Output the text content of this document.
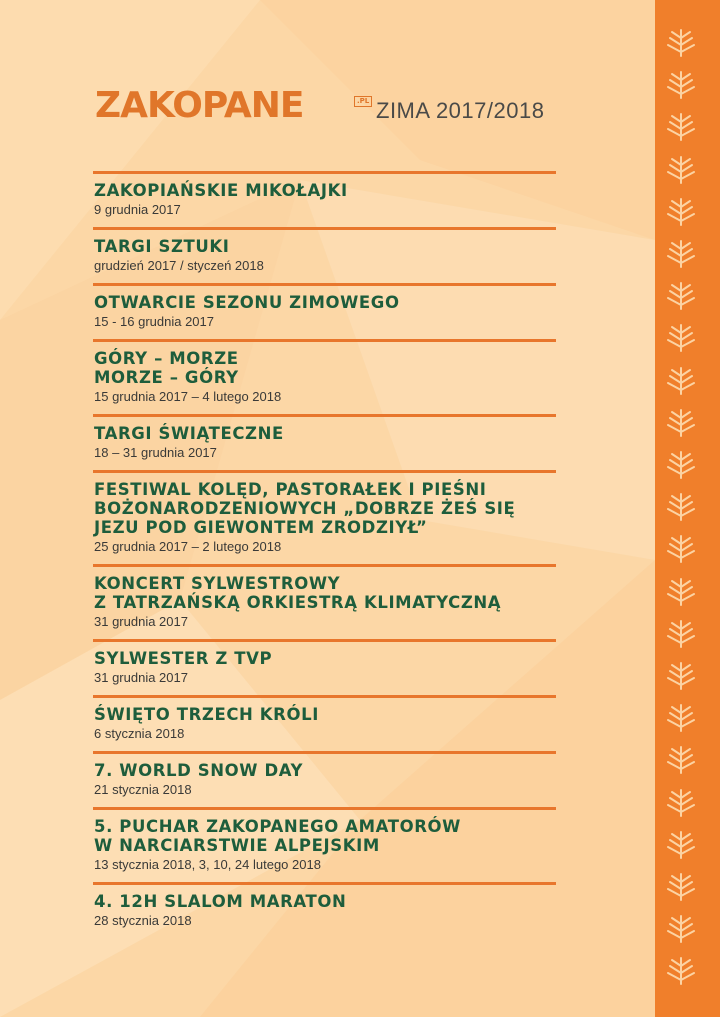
ZAKOPANE	.PL ZIMA 2017/2018
ZAKOPIAŃSKIE MIKOŁAJKI
9 grudnia 2017
TARGI SZTUKI
grudzień 2017 / styczeń 2018
OTWARCIE SEZONU ZIMOWEGO
15 - 16 grudnia 2017
GÓRY – MORZE
MORZE – GÓRY
15 grudnia 2017 – 4 lutego 2018
TARGI ŚWIĄTECZNE
18 – 31 grudnia 2017
FESTIWAL KOLĘD, PASTORAŁEK I PIEŚNI
BOŻONARODZENIOWYCH „DOBRZE ŻEŚ SIĘ
JEZU POD GIEWONTEM ZRODZIYŁ”
25 grudnia 2017 – 2 lutego 2018
KONCERT SYLWESTROWY
Z TATRZAŃSKĄ ORKIESTRĄ KLIMATYCZNĄ
31 grudnia 2017
SYLWESTER Z TVP
31 grudnia 2017
ŚWIĘTO TRZECH KRÓLI
6 stycznia 2018
7. WORLD SNOW DAY
21 stycznia 2018
5. PUCHAR ZAKOPANEGO AMATORÓW
W NARCIARSTWIE ALPEJSKIM
13 stycznia 2018, 3, 10, 24 lutego 2018
4. 12H SLALOM MARATON
28 stycznia 2018
